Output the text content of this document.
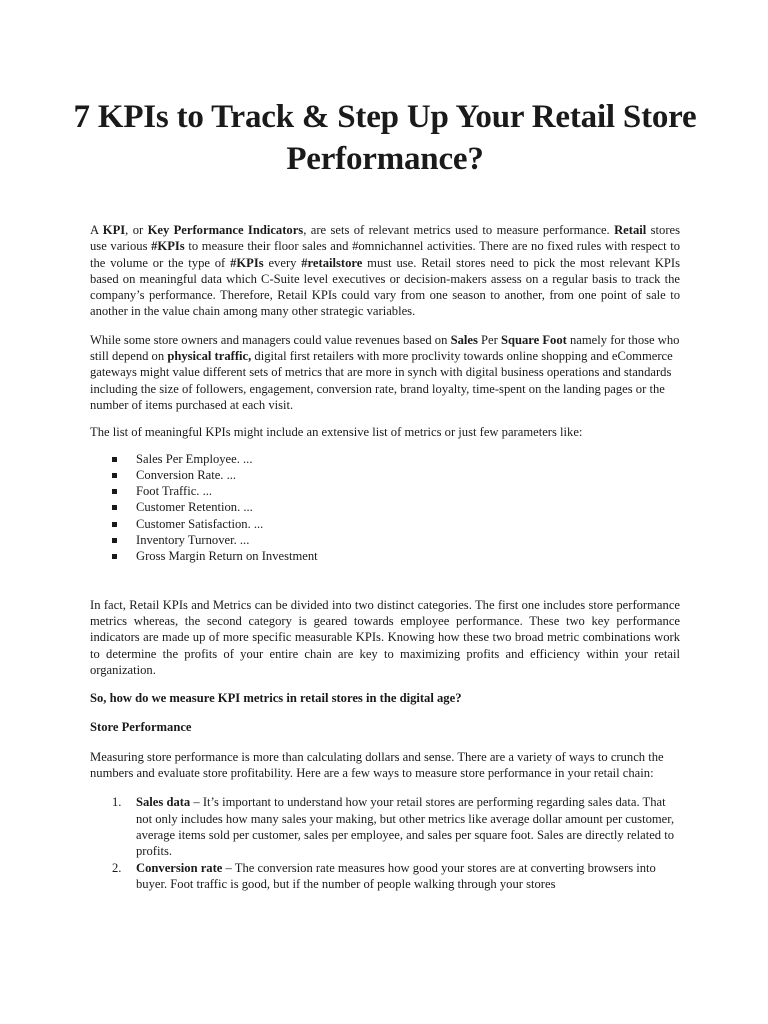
7 KPIs to Track & Step Up Your Retail Store Performance?

A KPI, or Key Performance Indicators, are sets of relevant metrics used to measure performance. Retail stores use various #KPIs to measure their floor sales and #omnichannel activities. There are no fixed rules with respect to the volume or the type of #KPIs every #retailstore must use. Retail stores need to pick the most relevant KPIs based on meaningful data which C-Suite level executives or decision-makers assess on a regular basis to track the company’s performance. Therefore, Retail KPIs could vary from one season to another, from one point of sale to another in the value chain among many other strategic variables.

While some store owners and managers could value revenues based on Sales Per Square Foot namely for those who still depend on physical traffic, digital first retailers with more proclivity towards online shopping and eCommerce gateways might value different sets of metrics that are more in synch with digital business operations and standards including the size of followers, engagement, conversion rate, brand loyalty, time-spent on the landing pages or the number of items purchased at each visit.

The list of meaningful KPIs might include an extensive list of metrics or just few parameters like:

Sales Per Employee. ...
Conversion Rate. ...
Foot Traffic. ...
Customer Retention. ...
Customer Satisfaction. ...
Inventory Turnover. ...
Gross Margin Return on Investment

In fact, Retail KPIs and Metrics can be divided into two distinct categories. The first one includes store performance metrics whereas, the second category is geared towards employee performance. These two key performance indicators are made up of more specific measurable KPIs. Knowing how these two broad metric combinations work to determine the profits of your entire chain are key to maximizing profits and efficiency within your retail organization.

So, how do we measure KPI metrics in retail stores in the digital age?

Store Performance

Measuring store performance is more than calculating dollars and sense. There are a variety of ways to crunch the numbers and evaluate store profitability. Here are a few ways to measure store performance in your retail chain:

1. Sales data – It’s important to understand how your retail stores are performing regarding sales data. That not only includes how many sales your making, but other metrics like average dollar amount per customer, average items sold per customer, sales per employee, and sales per square foot. Sales are directly related to profits.
2. Conversion rate – The conversion rate measures how good your stores are at converting browsers into buyer. Foot traffic is good, but if the number of people walking through your stores
